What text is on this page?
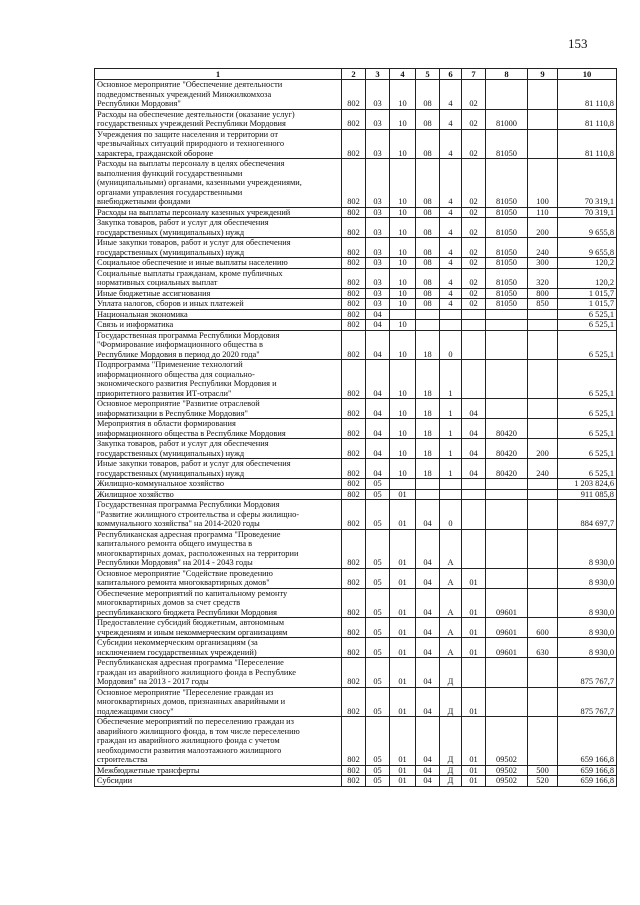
153
1	2	3	4	5	6	7	8	9	10
Основное мероприятие "Обеспечение деятельности
подведомственных учреждений Минжилкомхоза
Республики Мордовия"	802	03	10	08	4	02			81 110,8
Расходы на обеспечение деятельности (оказание услуг)
государственных учреждений Республики Мордовия	802	03	10	08	4	02	81000		81 110,8
Учреждения по защите населения и территории от
чрезвычайных ситуаций природного и техногенного
характера, гражданской обороне	802	03	10	08	4	02	81050		81 110,8
Расходы на выплаты персоналу в целях обеспечения
выполнения функций государственными
(муниципальными) органами, казенными учреждениями,
органами управления государственными
внебюджетными фондами	802	03	10	08	4	02	81050	100	70 319,1
Расходы на выплаты персоналу казенных учреждений	802	03	10	08	4	02	81050	110	70 319,1
Закупка товаров, работ и услуг для обеспечения
государственных (муниципальных) нужд	802	03	10	08	4	02	81050	200	9 655,8
Иные закупки товаров, работ и услуг для обеспечения
государственных (муниципальных) нужд	802	03	10	08	4	02	81050	240	9 655,8
Социальное обеспечение и иные выплаты населению	802	03	10	08	4	02	81050	300	120,2
Социальные выплаты гражданам, кроме публичных
нормативных социальных выплат	802	03	10	08	4	02	81050	320	120,2
Иные бюджетные ассигнования	802	03	10	08	4	02	81050	800	1 015,7
Уплата налогов, сборов и иных платежей	802	03	10	08	4	02	81050	850	1 015,7
Национальная экономика	802	04							6 525,1
Связь и информатика	802	04	10						6 525,1
Государственная программа Республики Мордовия
"Формирование информационного общества в
Республике Мордовия в период до 2020 года"	802	04	10	18	0				6 525,1
Подпрограмма "Применение технологий
информационного общества для социально-
экономического развития Республики Мордовия и
приоритетного развития ИТ-отрасли"	802	04	10	18	1				6 525,1
Основное мероприятие "Развитие отраслевой
информатизации в Республике Мордовия"	802	04	10	18	1	04			6 525,1
Мероприятия в области формирования
информационного общества в Республике Мордовия	802	04	10	18	1	04	80420		6 525,1
Закупка товаров, работ и услуг для обеспечения
государственных (муниципальных) нужд	802	04	10	18	1	04	80420	200	6 525,1
Иные закупки товаров, работ и услуг для обеспечения
государственных (муниципальных) нужд	802	04	10	18	1	04	80420	240	6 525,1
Жилищно-коммунальное хозяйство	802	05							1 203 824,6
Жилищное хозяйство	802	05	01						911 085,8
Государственная программа Республики Мордовия
"Развитие жилищного строительства и сферы жилищно-
коммунального хозяйства" на 2014-2020 годы	802	05	01	04	0				884 697,7
Республиканская адресная программа "Проведение
капитального ремонта общего имущества в
многоквартирных домах, расположенных на территории
Республики Мордовия" на 2014 - 2043 годы	802	05	01	04	А				8 930,0
Основное мероприятие "Содействие проведению
капитального ремонта многоквартирных домов"	802	05	01	04	А	01			8 930,0
Обеспечение мероприятий по капитальному ремонту
многоквартирных домов за счет средств
республиканского бюджета Республики Мордовия	802	05	01	04	А	01	09601		8 930,0
Предоставление субсидий бюджетным, автономным
учреждениям и иным некоммерческим организациям	802	05	01	04	А	01	09601	600	8 930,0
Субсидии некоммерческим организациям (за
исключением государственных учреждений)	802	05	01	04	А	01	09601	630	8 930,0
Республиканская адресная программа "Переселение
граждан из аварийного жилищного фонда в Республике
Мордовия" на 2013 - 2017 годы	802	05	01	04	Д				875 767,7
Основное мероприятие "Переселение граждан из
многоквартирных домов, признанных аварийными и
подлежащими сносу"	802	05	01	04	Д	01			875 767,7
Обеспечение мероприятий по переселению граждан из
аварийного жилищного фонда, в том числе переселению
граждан из аварийного жилищного фонда с учетом
необходимости развития малоэтажного жилищного
строительства	802	05	01	04	Д	01	09502		659 166,8
Межбюджетные трансферты	802	05	01	04	Д	01	09502	500	659 166,8
Субсидии	802	05	01	04	Д	01	09502	520	659 166,8
